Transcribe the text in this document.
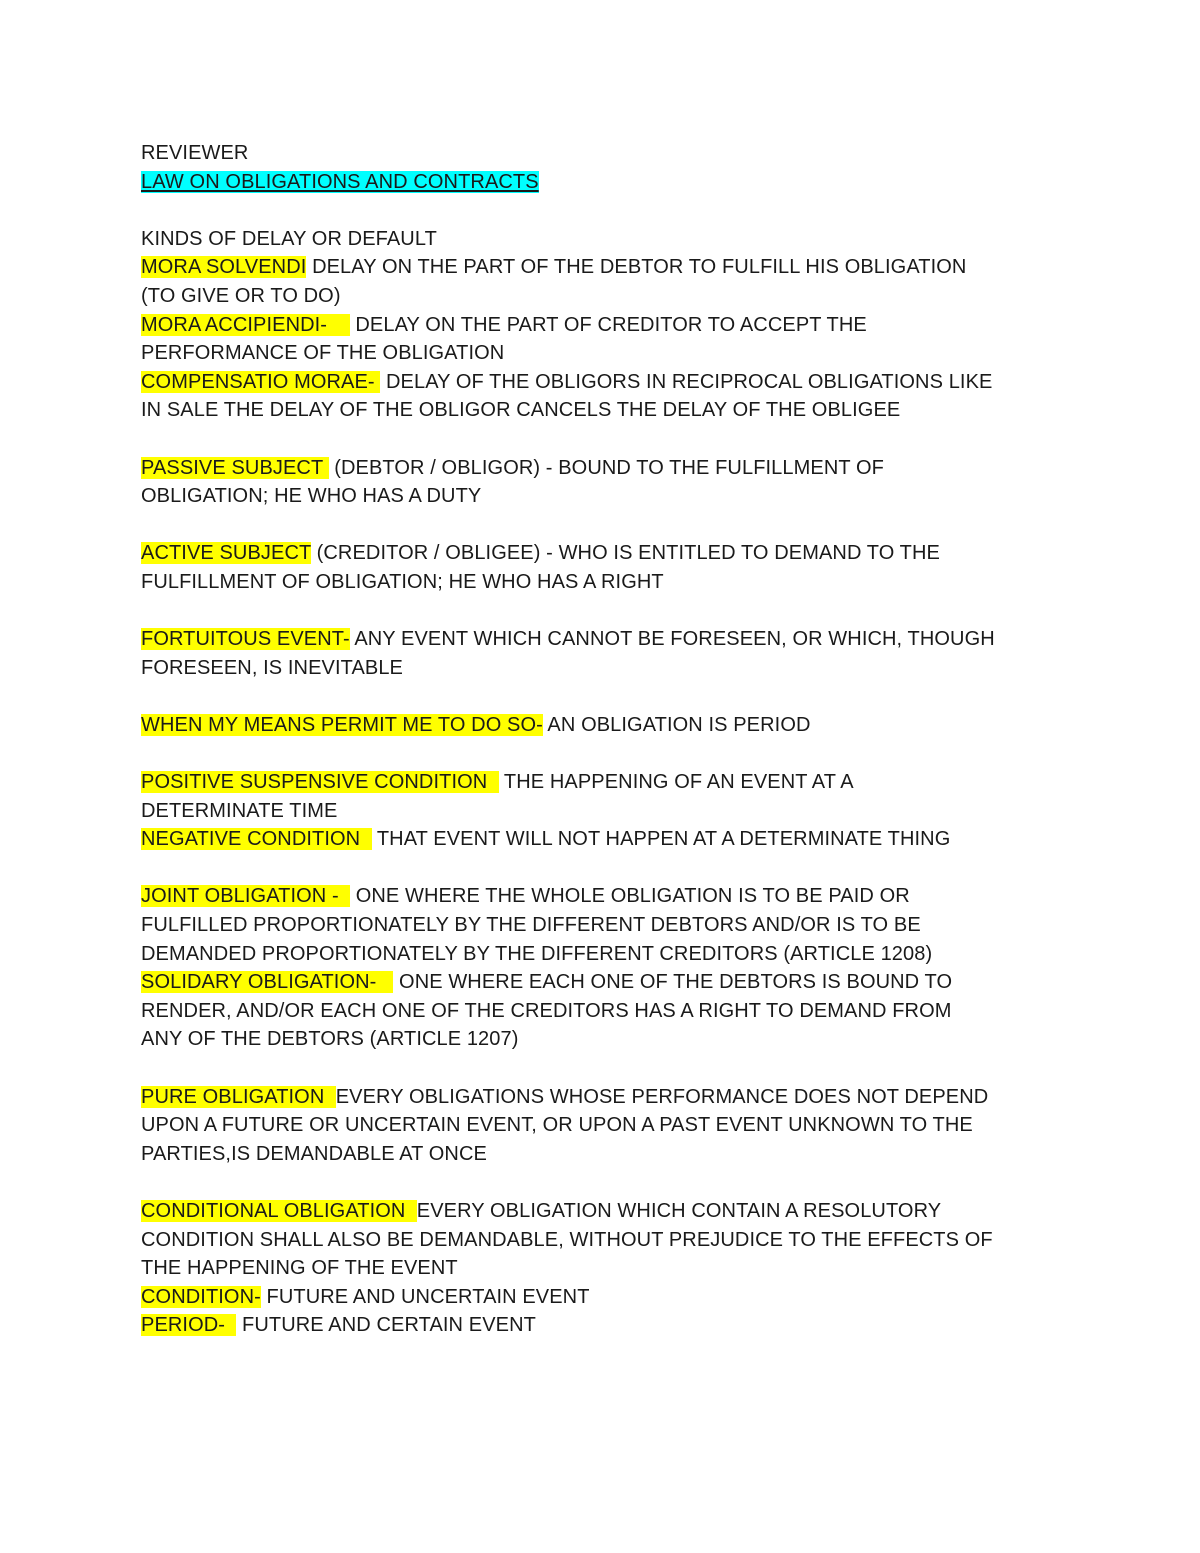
REVIEWER
LAW ON OBLIGATIONS AND CONTRACTS
KINDS OF DELAY OR DEFAULT
MORA SOLVENDI DELAY ON THE PART OF THE DEBTOR TO FULFILL HIS OBLIGATION
(TO GIVE OR TO DO)
MORA ACCIPIENDI-     DELAY ON THE PART OF CREDITOR TO ACCEPT THE
PERFORMANCE OF THE OBLIGATION
COMPENSATIO MORAE-  DELAY OF THE OBLIGORS IN RECIPROCAL OBLIGATIONS LIKE
IN SALE THE DELAY OF THE OBLIGOR CANCELS THE DELAY OF THE OBLIGEE
PASSIVE SUBJECT  (DEBTOR / OBLIGOR) - BOUND TO THE FULFILLMENT OF
OBLIGATION; HE WHO HAS A DUTY
ACTIVE SUBJECT (CREDITOR / OBLIGEE) - WHO IS ENTITLED TO DEMAND TO THE
FULFILLMENT OF OBLIGATION; HE WHO HAS A RIGHT
FORTUITOUS EVENT- ANY EVENT WHICH CANNOT BE FORESEEN, OR WHICH, THOUGH
FORESEEN, IS INEVITABLE
WHEN MY MEANS PERMIT ME TO DO SO- AN OBLIGATION IS PERIOD
POSITIVE SUSPENSIVE CONDITION   THE HAPPENING OF AN EVENT AT A
DETERMINATE TIME
NEGATIVE CONDITION   THAT EVENT WILL NOT HAPPEN AT A DETERMINATE THING
JOINT OBLIGATION -   ONE WHERE THE WHOLE OBLIGATION IS TO BE PAID OR
FULFILLED PROPORTIONATELY BY THE DIFFERENT DEBTORS AND/OR IS TO BE
DEMANDED PROPORTIONATELY BY THE DIFFERENT CREDITORS (ARTICLE 1208)
SOLIDARY OBLIGATION-    ONE WHERE EACH ONE OF THE DEBTORS IS BOUND TO
RENDER, AND/OR EACH ONE OF THE CREDITORS HAS A RIGHT TO DEMAND FROM
ANY OF THE DEBTORS (ARTICLE 1207)
PURE OBLIGATION  EVERY OBLIGATIONS WHOSE PERFORMANCE DOES NOT DEPEND
UPON A FUTURE OR UNCERTAIN EVENT, OR UPON A PAST EVENT UNKNOWN TO THE
PARTIES,IS DEMANDABLE AT ONCE
CONDITIONAL OBLIGATION  EVERY OBLIGATION WHICH CONTAIN A RESOLUTORY
CONDITION SHALL ALSO BE DEMANDABLE, WITHOUT PREJUDICE TO THE EFFECTS OF
THE HAPPENING OF THE EVENT
CONDITION- FUTURE AND UNCERTAIN EVENT
PERIOD-   FUTURE AND CERTAIN EVENT
